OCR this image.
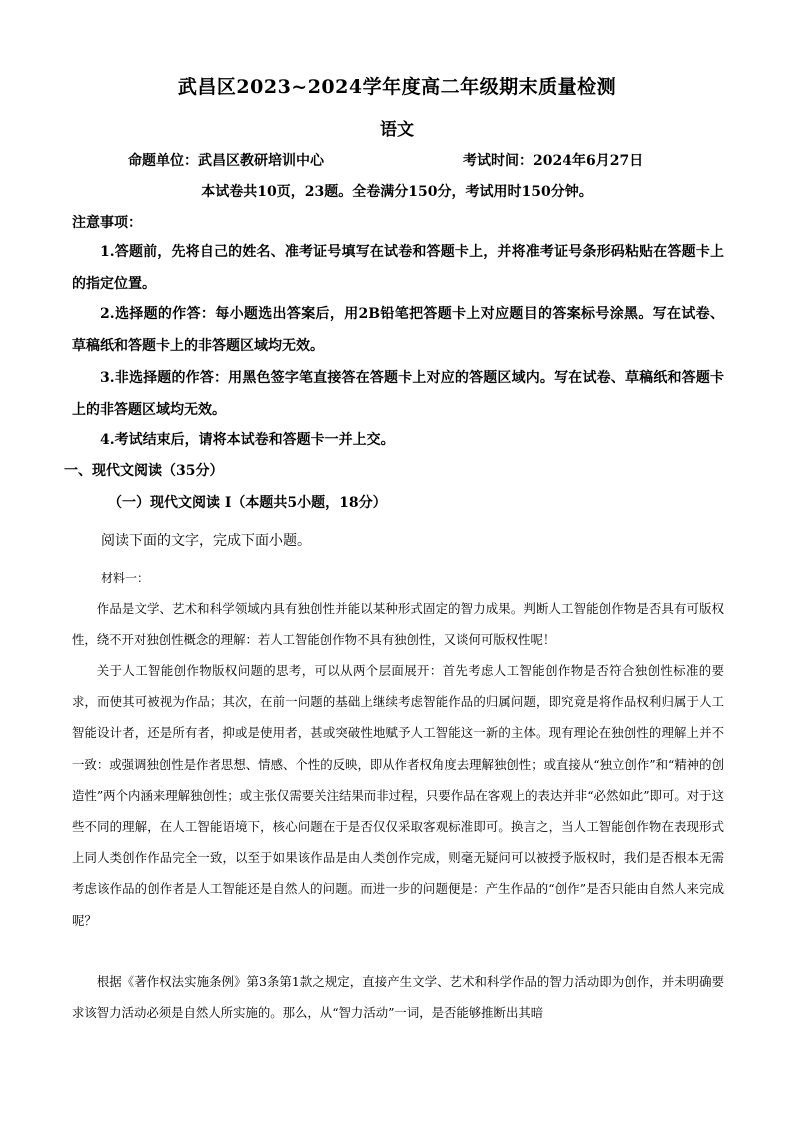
武昌区2023~2024学年度高二年级期末质量检测
语文
命题单位：武昌区教研培训中心	考试时间：2024年6月27日
本试卷共10页，23题。全卷满分150分，考试用时150分钟。
注意事项：
1.答题前，先将自己的姓名、准考证号填写在试卷和答题卡上，并将准考证号条形码粘贴在答题卡上的指定位置。
2.选择题的作答：每小题选出答案后，用2B铅笔把答题卡上对应题目的答案标号涂黑。写在试卷、草稿纸和答题卡上的非答题区域均无效。
3.非选择题的作答：用黑色签字笔直接答在答题卡上对应的答题区域内。写在试卷、草稿纸和答题卡上的非答题区域均无效。
4.考试结束后，请将本试卷和答题卡一并上交。
一、现代文阅读（35分）
（一）现代文阅读 I（本题共5小题，18分）
阅读下面的文字，完成下面小题。
材料一：
作品是文学、艺术和科学领域内具有独创性并能以某种形式固定的智力成果。判断人工智能创作物是否具有可版权性，绕不开对独创性概念的理解：若人工智能创作物不具有独创性，又谈何可版权性呢！
关于人工智能创作物版权问题的思考，可以从两个层面展开：首先考虑人工智能创作物是否符合独创性标准的要求，而使其可被视为作品；其次，在前一问题的基础上继续考虑智能作品的归属问题，即究竟是将作品权利归属于人工智能设计者，还是所有者，抑或是使用者，甚或突破性地赋予人工智能这一新的主体。现有理论在独创性的理解上并不一致：或强调独创性是作者思想、情感、个性的反映，即从作者权角度去理解独创性；或直接从“独立创作”和“精神的创造性”两个内涵来理解独创性；或主张仅需要关注结果而非过程，只要作品在客观上的表达并非“必然如此”即可。对于这些不同的理解，在人工智能语境下，核心问题在于是否仅仅采取客观标准即可。换言之，当人工智能创作物在表现形式上同人类创作作品完全一致，以至于如果该作品是由人类创作完成，则毫无疑问可以被授予版权时，我们是否根本无需考虑该作品的创作者是人工智能还是自然人的问题。而进一步的问题便是：产生作品的“创作”是否只能由自然人来完成呢？
根据《著作权法实施条例》第3条第1款之规定，直接产生文学、艺术和科学作品的智力活动即为创作，并未明确要求该智力活动必须是自然人所实施的。那么，从“智力活动”一词，是否能够推断出其暗
